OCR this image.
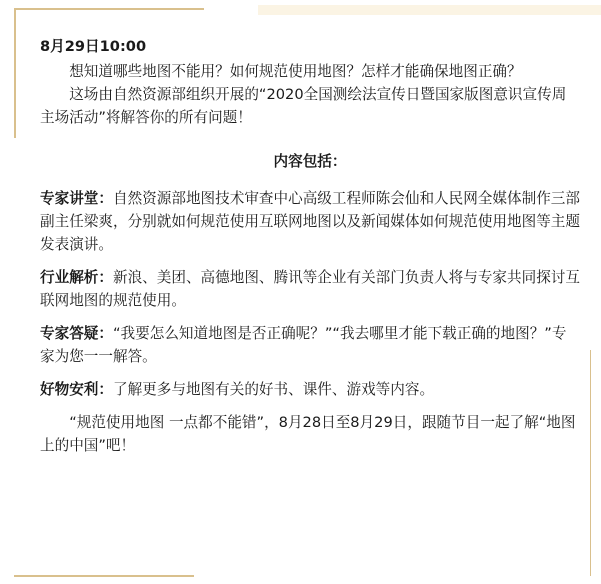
8月29日10:00

想知道哪些地图不能用？如何规范使用地图？怎样才能确保地图正确？

这场由自然资源部组织开展的“2020全国测绘法宣传日暨国家版图意识宣传周主场活动”将解答你的所有问题！

内容包括：

专家讲堂：自然资源部地图技术审查中心高级工程师陈会仙和人民网全媒体制作三部副主任梁爽，分别就如何规范使用互联网地图以及新闻媒体如何规范使用地图等主题发表演讲。

行业解析：新浪、美团、高德地图、腾讯等企业有关部门负责人将与专家共同探讨互联网地图的规范使用。

专家答疑：“我要怎么知道地图是否正确呢？”“我去哪里才能下载正确的地图？”专家为您一一解答。

好物安利：了解更多与地图有关的好书、课件、游戏等内容。

“规范使用地图 一点都不能错”，8月28日至8月29日，跟随节目一起了解“地图上的中国”吧！
